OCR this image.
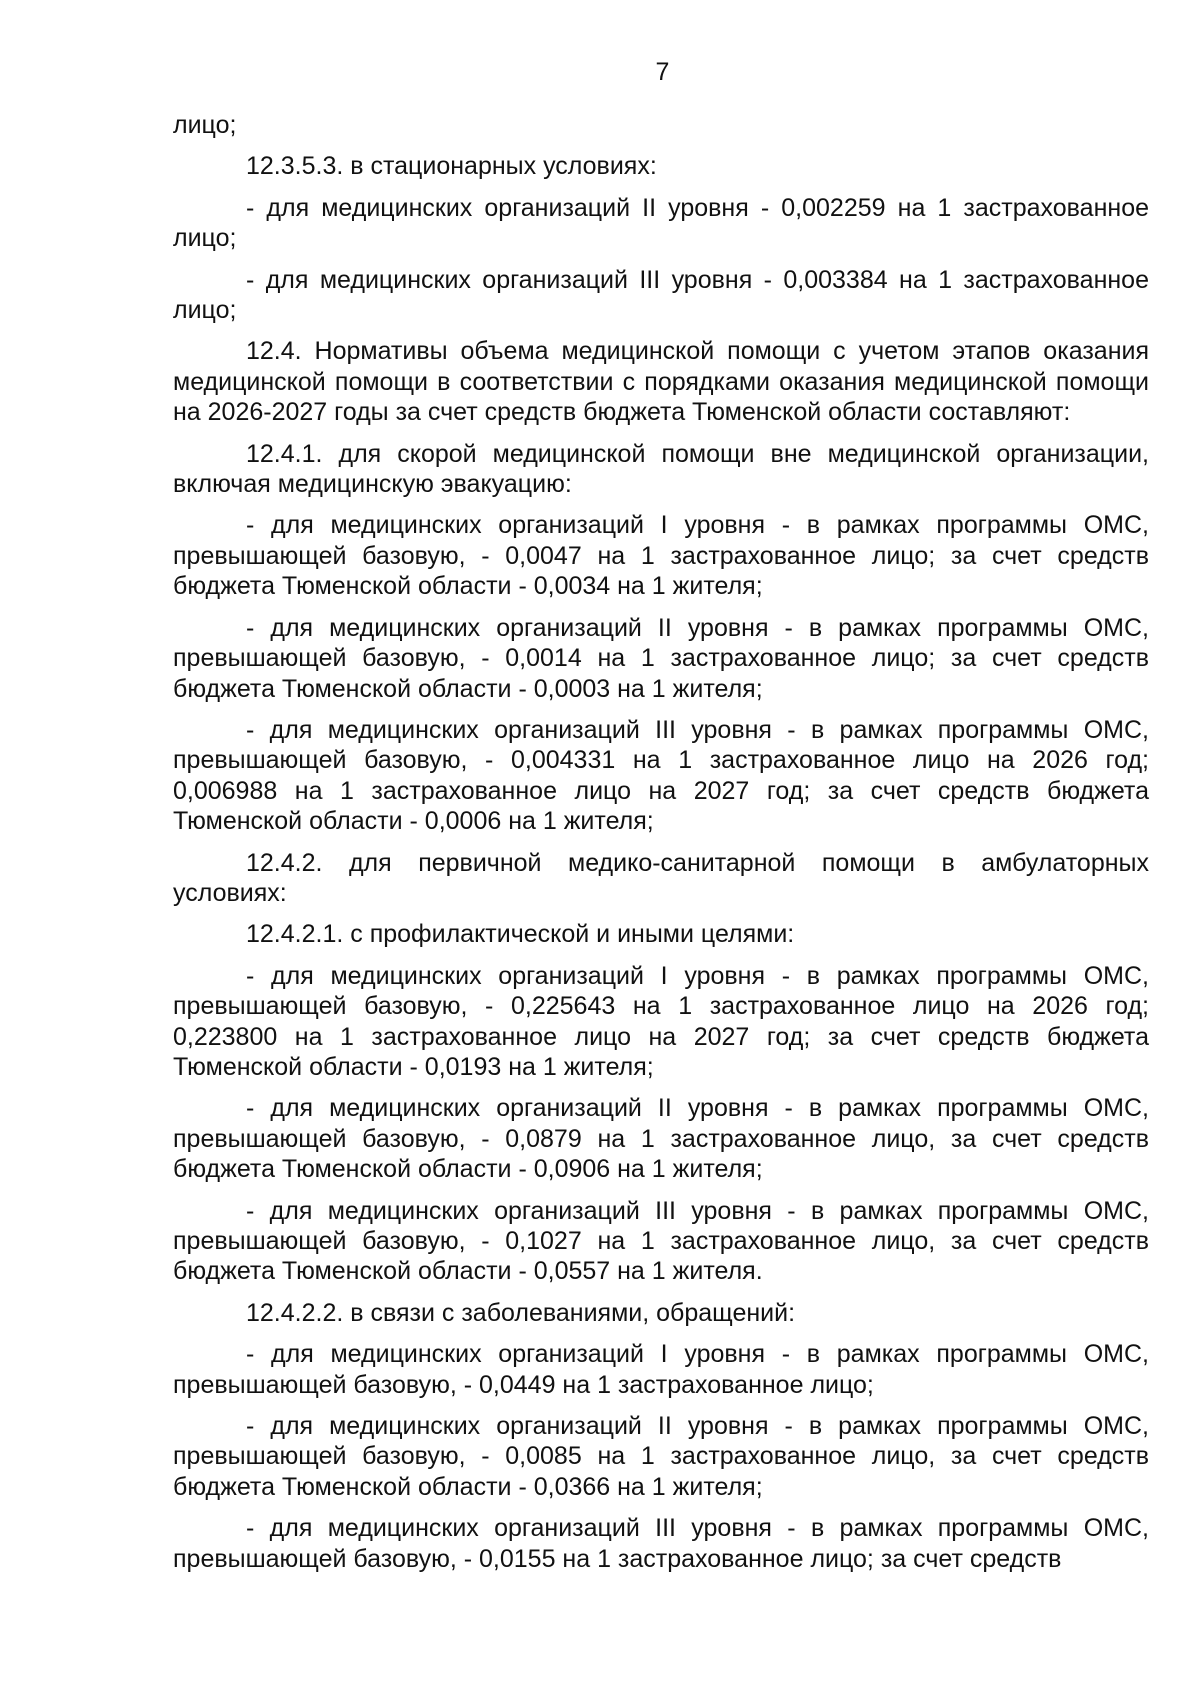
7

лицо;

12.3.5.3. в стационарных условиях:

- для медицинских организаций II уровня - 0,002259 на 1 застрахованное лицо;

- для медицинских организаций III уровня - 0,003384 на 1 застрахованное лицо;

12.4. Нормативы объема медицинской помощи с учетом этапов оказания медицинской помощи в соответствии с порядками оказания медицинской помощи на 2026-2027 годы за счет средств бюджета Тюменской области составляют:

12.4.1. для скорой медицинской помощи вне медицинской организации, включая медицинскую эвакуацию:

- для медицинских организаций I уровня - в рамках программы ОМС, превышающей базовую, - 0,0047 на 1 застрахованное лицо; за счет средств бюджета Тюменской области - 0,0034 на 1 жителя;

- для медицинских организаций II уровня - в рамках программы ОМС, превышающей базовую, - 0,0014 на 1 застрахованное лицо; за счет средств бюджета Тюменской области - 0,0003 на 1 жителя;

- для медицинских организаций III уровня - в рамках программы ОМС, превышающей базовую, - 0,004331 на 1 застрахованное лицо на 2026 год; 0,006988 на 1 застрахованное лицо на 2027 год; за счет средств бюджета Тюменской области - 0,0006 на 1 жителя;

12.4.2. для первичной медико-санитарной помощи в амбулаторных условиях:

12.4.2.1. с профилактической и иными целями:

- для медицинских организаций I уровня - в рамках программы ОМС, превышающей базовую, - 0,225643 на 1 застрахованное лицо на 2026 год; 0,223800 на 1 застрахованное лицо на 2027 год; за счет средств бюджета Тюменской области - 0,0193 на 1 жителя;

- для медицинских организаций II уровня - в рамках программы ОМС, превышающей базовую, - 0,0879 на 1 застрахованное лицо, за счет средств бюджета Тюменской области - 0,0906 на 1 жителя;

- для медицинских организаций III уровня - в рамках программы ОМС, превышающей базовую, - 0,1027 на 1 застрахованное лицо, за счет средств бюджета Тюменской области - 0,0557 на 1 жителя.

12.4.2.2. в связи с заболеваниями, обращений:

- для медицинских организаций I уровня - в рамках программы ОМС, превышающей базовую, - 0,0449 на 1 застрахованное лицо;

- для медицинских организаций II уровня - в рамках программы ОМС, превышающей базовую, - 0,0085 на 1 застрахованное лицо, за счет средств бюджета Тюменской области - 0,0366 на 1 жителя;

- для медицинских организаций III уровня - в рамках программы ОМС, превышающей базовую, - 0,0155 на 1 застрахованное лицо; за счет средств
